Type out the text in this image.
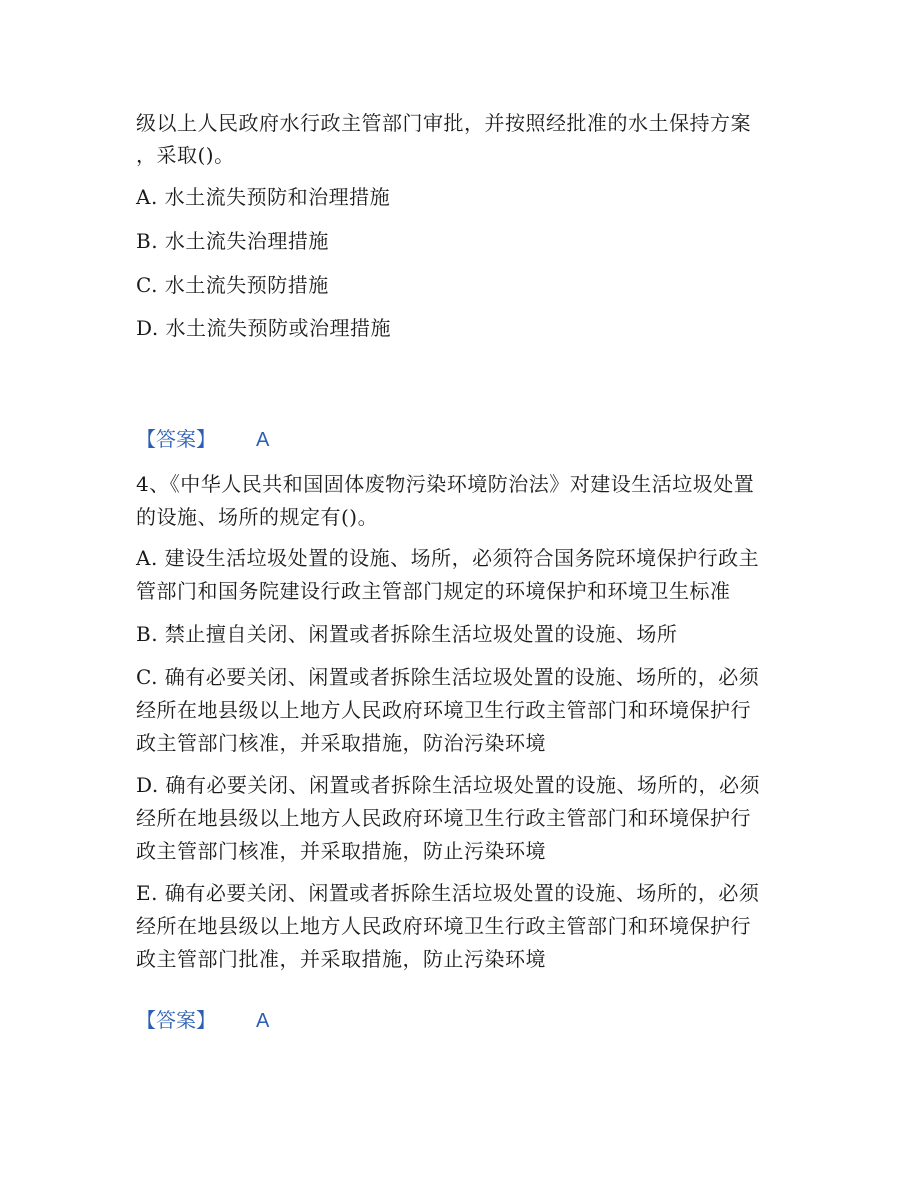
级以上人民政府水行政主管部门审批，并按照经批准的水土保持方案
，采取()。
A. 水土流失预防和治理措施
B. 水土流失治理措施
C. 水土流失预防措施
D. 水土流失预防或治理措施
【答案】 A
4、《中华人民共和国固体废物污染环境防治法》对建设生活垃圾处置
的设施、场所的规定有()。
A. 建设生活垃圾处置的设施、场所，必须符合国务院环境保护行政主
管部门和国务院建设行政主管部门规定的环境保护和环境卫生标准
B. 禁止擅自关闭、闲置或者拆除生活垃圾处置的设施、场所
C. 确有必要关闭、闲置或者拆除生活垃圾处置的设施、场所的，必须
经所在地县级以上地方人民政府环境卫生行政主管部门和环境保护行
政主管部门核准，并采取措施，防治污染环境
D. 确有必要关闭、闲置或者拆除生活垃圾处置的设施、场所的，必须
经所在地县级以上地方人民政府环境卫生行政主管部门和环境保护行
政主管部门核准，并采取措施，防止污染环境
E. 确有必要关闭、闲置或者拆除生活垃圾处置的设施、场所的，必须
经所在地县级以上地方人民政府环境卫生行政主管部门和环境保护行
政主管部门批准，并采取措施，防止污染环境
【答案】 A
